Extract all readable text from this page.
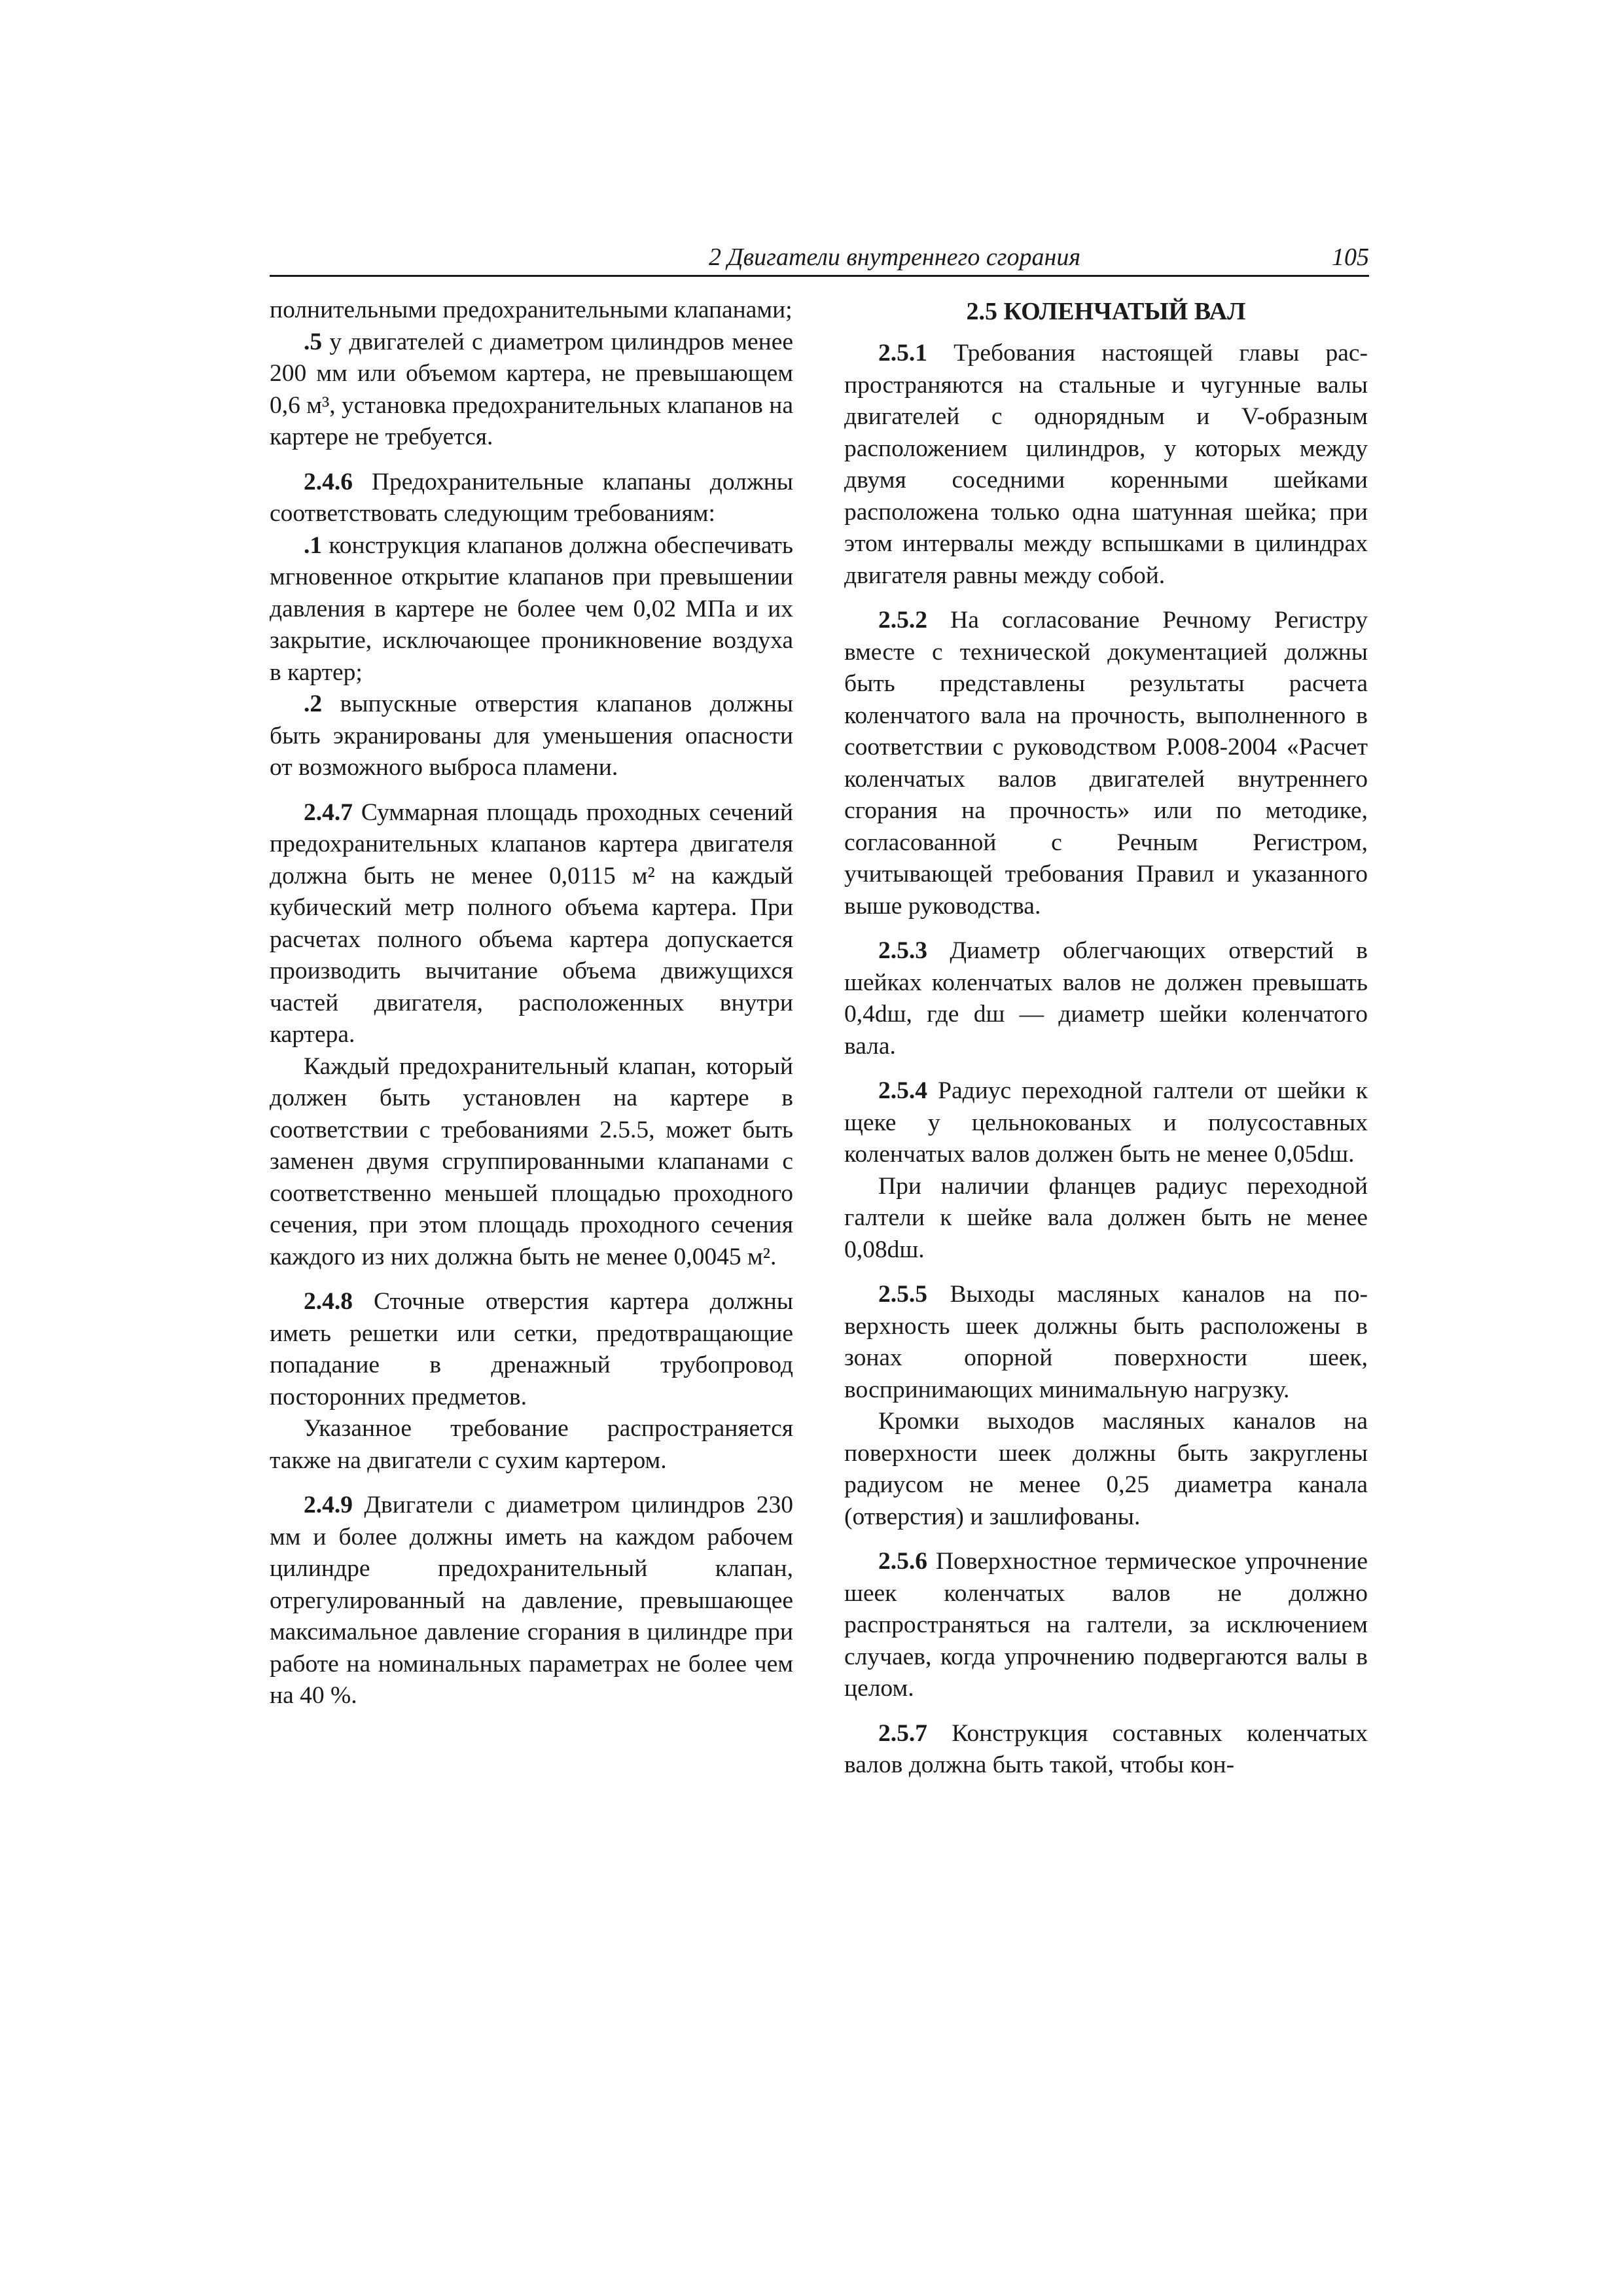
2 Двигатели внутреннего сгорания	105

полнительными предохранительными клапанами;

.5 у двигателей с диаметром цилиндров менее 200 мм или объемом картера, не превышающем 0,6 м³, установка предохранительных клапанов на картере не требуется.

2.4.6 Предохранительные клапаны должны соответствовать следующим требованиям:

.1 конструкция клапанов должна обеспечивать мгновенное открытие клапанов при превышении давления в картере не более чем 0,02 МПа и их закрытие, исключающее проникновение воздуха в картер;

.2 выпускные отверстия клапанов должны быть экранированы для уменьшения опасности от возможного выброса пламени.

2.4.7 Суммарная площадь проходных сечений предохранительных клапанов картера двигателя должна быть не менее 0,0115 м² на каждый кубический метр полного объема картера. При расчетах полного объема картера допускается производить вычитание объема движущихся частей двигателя, расположенных внутри картера.

Каждый предохранительный клапан, который должен быть установлен на картере в соответствии с требованиями 2.5.5, может быть заменен двумя сгруппированными клапанами с соответственно меньшей площадью проходного сечения, при этом площадь проходного сечения каждого из них должна быть не менее 0,0045 м².

2.4.8 Сточные отверстия картера должны иметь решетки или сетки, предотвращающие попадание в дренажный трубопровод посторонних предметов.

Указанное требование распространяется также на двигатели с сухим картером.

2.4.9 Двигатели с диаметром цилиндров 230 мм и более должны иметь на каждом рабочем цилиндре предохранительный клапан, отрегулированный на давление, превышающее максимальное давление сгорания в цилиндре при работе на номинальных параметрах не более чем на 40 %.

2.5 КОЛЕНЧАТЫЙ ВАЛ

2.5.1 Требования настоящей главы распространяются на стальные и чугунные валы двигателей с однорядным и V-образным расположением цилиндров, у которых между двумя соседними коренными шейками расположена только одна шатунная шейка; при этом интервалы между вспышками в цилиндрах двигателя равны между собой.

2.5.2 На согласование Речному Регистру вместе с технической документацией должны быть представлены результаты расчета коленчатого вала на прочность, выполненного в соответствии с руководством Р.008-2004 «Расчет коленчатых валов двигателей внутреннего сгорания на прочность» или по методике, согласованной с Речным Регистром, учитывающей требования Правил и указанного выше руководства.

2.5.3 Диаметр облегчающих отверстий в шейках коленчатых валов не должен превышать 0,4dш, где dш — диаметр шейки коленчатого вала.

2.5.4 Радиус переходной галтели от шейки к щеке у цельнокованых и полусоставных коленчатых валов должен быть не менее 0,05dш.

При наличии фланцев радиус переходной галтели к шейке вала должен быть не менее 0,08dш.

2.5.5 Выходы масляных каналов на поверхность шеек должны быть расположены в зонах опорной поверхности шеек, воспринимающих минимальную нагрузку.

Кромки выходов масляных каналов на поверхности шеек должны быть закруглены радиусом не менее 0,25 диаметра канала (отверстия) и зашлифованы.

2.5.6 Поверхностное термическое упрочнение шеек коленчатых валов не должно распространяться на галтели, за исключением случаев, когда упрочнению подвергаются валы в целом.

2.5.7 Конструкция составных коленчатых валов должна быть такой, чтобы кон-
